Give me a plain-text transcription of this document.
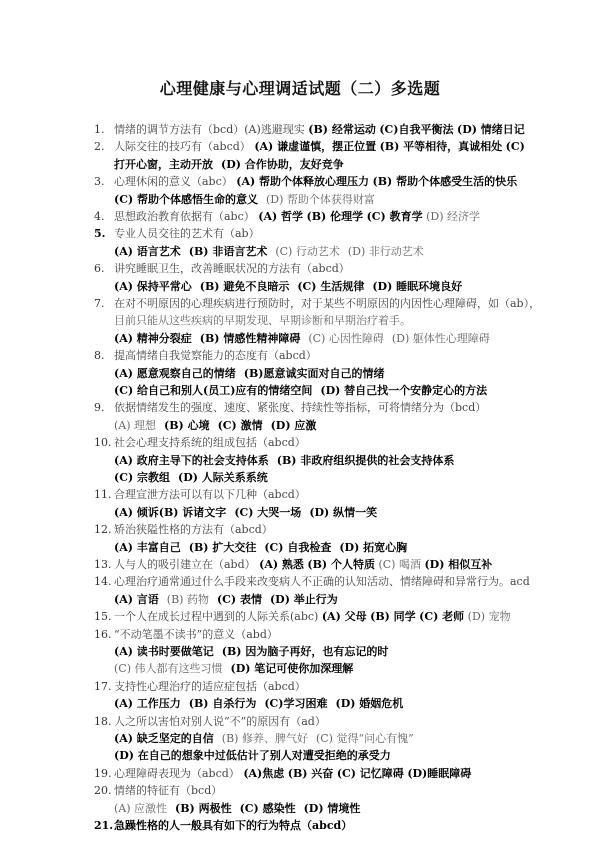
心理健康与心理调适试题（二）多选题
1. 情绪的调节方法有（bcd）(A)逃避现实 (B) 经常运动 (C)自我平衡法 (D) 情绪日记
2. 人际交往的技巧有（abcd） (A) 谦虚谨慎，摆正位置 (B) 平等相待，真诚相处 (C)
打开心窗，主动开放 (D) 合作协助，友好竞争
3. 心理休闲的意义（abc） (A) 帮助个体释放心理压力 (B) 帮助个体感受生活的快乐
(C) 帮助个体感悟生命的意义 (D) 帮助个体获得财富
4. 思想政治教育依据有（abc） (A) 哲学 (B) 伦理学 (C) 教育学 (D) 经济学
5. 专业人员交往的艺术有（ab）
(A) 语言艺术 (B) 非语言艺术 (C) 行动艺术 (D) 非行动艺术
6. 讲究睡眠卫生，改善睡眠状况的方法有（abcd）
(A) 保持平常心 (B) 避免不良暗示 (C) 生活规律 (D) 睡眠环境良好
7. 在对不明原因的心理疾病进行预防时，对于某些不明原因的内因性心理障碍，如（ab），
目前只能从这些疾病的早期发现、早期诊断和早期治疗着手。
(A) 精神分裂症 (B) 情感性精神障碍 (C) 心因性障碍 (D) 躯体性心理障碍
8. 提高情绪自我觉察能力的态度有（abcd）
(A) 愿意观察自己的情绪 (B)愿意诚实面对自己的情绪
(C) 给自己和别人(员工)应有的情绪空间 (D) 替自己找一个安静定心的方法
9. 依据情绪发生的强度、速度、紧张度、持续性等指标，可将情绪分为（bcd）
(A) 理想 (B) 心境 (C) 激情 (D) 应激
10. 社会心理支持系统的组成包括（abcd）
(A) 政府主导下的社会支持体系 (B) 非政府组织提供的社会支持体系
(C) 宗教组 (D) 人际关系系统
11. 合理宣泄方法可以有以下几种（abcd）
(A) 倾诉(B) 诉诸文字 (C) 大哭一场 (D) 纵情一笑
12. 矫治狭隘性格的方法有（abcd）
(A) 丰富自己 (B) 扩大交往 (C) 自我检查 (D) 拓宽心胸
13. 人与人的吸引建立在（abd） (A) 熟悉 (B) 个人特质 (C) 喝酒 (D) 相似互补
14. 心理治疗通常通过什么手段来改变病人不正确的认知活动、情绪障碍和异常行为。acd
(A) 言语 (B) 药物 (C) 表情 (D) 举止行为
15. 一个人在成长过程中遇到的人际关系(abc) (A) 父母 (B) 同学 (C) 老师 (D) 宠物
16. “不动笔墨不读书”的意义（abd）
(A) 读书时要做笔记 (B) 因为脑子再好，也有忘记的时
(C) 伟人都有这些习惯 (D) 笔记可使你加深理解
17. 支持性心理治疗的适应症包括（abcd）
(A) 工作压力 (B) 自杀行为 (C)学习困难 (D) 婚姻危机
18. 人之所以害怕对别人说“不”的原因有（ad）
(A) 缺乏坚定的自信 (B) 修养、脾气好 (C) 觉得“问心有愧”
(D) 在自己的想象中过低估计了别人对遭受拒绝的承受力
19. 心理障碍表现为（abcd） (A)焦虑 (B) 兴奋 (C) 记忆障碍 (D)睡眠障碍
20. 情绪的特征有（bcd）
(A) 应激性 (B) 两极性 (C) 感染性 (D) 情境性
21. 急躁性格的人一般具有如下的行为特点（abcd）
